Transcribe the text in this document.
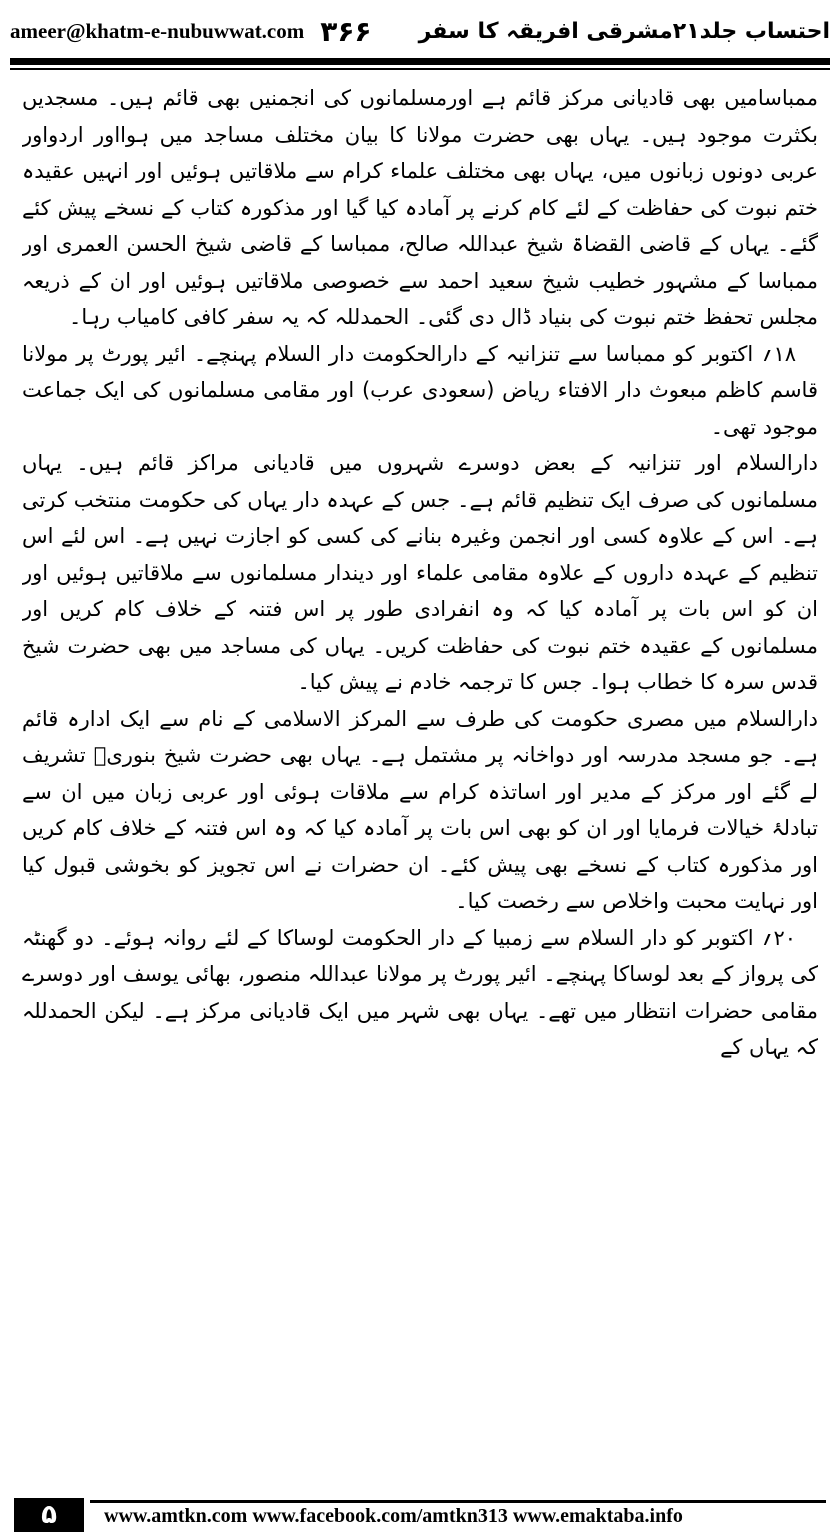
ameer@khatm-e-nubuwwat.com ۳۶۶ احتساب جلد۲۱مشرقی افریقہ کا سفر

ممباسامیں بھی قادیانی مرکز قائم ہے اورمسلمانوں کی انجمنیں بھی قائم ہیں۔ مسجدیں بکثرت موجود ہیں۔ یہاں بھی حضرت مولانا کا بیان مختلف مساجد میں ہوااور اردواور عربی دونوں زبانوں میں، یہاں بھی مختلف علماء کرام سے ملاقاتیں ہوئیں اور انہیں عقیدہ ختم نبوت کی حفاظت کے لئے کام کرنے پر آمادہ کیا گیا اور مذکورہ کتاب کے نسخے پیش کئے گئے۔ یہاں کے قاضی القضاۃ شیخ عبداللہ صالح، ممباسا کے قاضی شیخ الحسن العمری اور ممباسا کے مشہور خطیب شیخ سعید احمد سے خصوصی ملاقاتیں ہوئیں اور ان کے ذریعہ مجلس تحفظ ختم نبوت کی بنیاد ڈال دی گئی۔ الحمدللہ کہ یہ سفر کافی کامیاب رہا۔

۱۸؍ اکتوبر کو ممباسا سے تنزانیہ کے دارالحکومت دار السلام پہنچے۔ ائیر پورٹ پر مولانا قاسم کاظم مبعوث دار الافتاء ریاض (سعودی عرب) اور مقامی مسلمانوں کی ایک جماعت موجود تھی۔

دارالسلام اور تنزانیہ کے بعض دوسرے شہروں میں قادیانی مراکز قائم ہیں۔ یہاں مسلمانوں کی صرف ایک تنظیم قائم ہے۔ جس کے عہدہ دار یہاں کی حکومت منتخب کرتی ہے۔ اس کے علاوہ کسی اور انجمن وغیرہ بنانے کی کسی کو اجازت نہیں ہے۔ اس لئے اس تنظیم کے عہدہ داروں کے علاوہ مقامی علماء اور دیندار مسلمانوں سے ملاقاتیں ہوئیں اور ان کو اس بات پر آمادہ کیا کہ وہ انفرادی طور پر اس فتنہ کے خلاف کام کریں اور مسلمانوں کے عقیدہ ختم نبوت کی حفاظت کریں۔ یہاں کی مساجد میں بھی حضرت شیخ قدس سرہ کا خطاب ہوا۔ جس کا ترجمہ خادم نے پیش کیا۔

دارالسلام میں مصری حکومت کی طرف سے المرکز الاسلامی کے نام سے ایک ادارہ قائم ہے۔ جو مسجد مدرسہ اور دواخانہ پر مشتمل ہے۔ یہاں بھی حضرت شیخ بنوریؒ تشریف لے گئے اور مرکز کے مدیر اور اساتذہ کرام سے ملاقات ہوئی اور عربی زبان میں ان سے تبادلۂ خیالات فرمایا اور ان کو بھی اس بات پر آمادہ کیا کہ وہ اس فتنہ کے خلاف کام کریں اور مذکورہ کتاب کے نسخے بھی پیش کئے۔ ان حضرات نے اس تجویز کو بخوشی قبول کیا اور نہایت محبت واخلاص سے رخصت کیا۔

۲۰؍ اکتوبر کو دار السلام سے زمبیا کے دار الحکومت لوساکا کے لئے روانہ ہوئے۔ دو گھنٹہ کی پرواز کے بعد لوساکا پہنچے۔ ائیر پورٹ پر مولانا عبداللہ منصور، بھائی یوسف اور دوسرے مقامی حضرات انتظار میں تھے۔ یہاں بھی شہر میں ایک قادیانی مرکز ہے۔ لیکن الحمدللہ کہ یہاں کے

۵	www.amtkn.com www.facebook.com/amtkn313 www.emaktaba.info
